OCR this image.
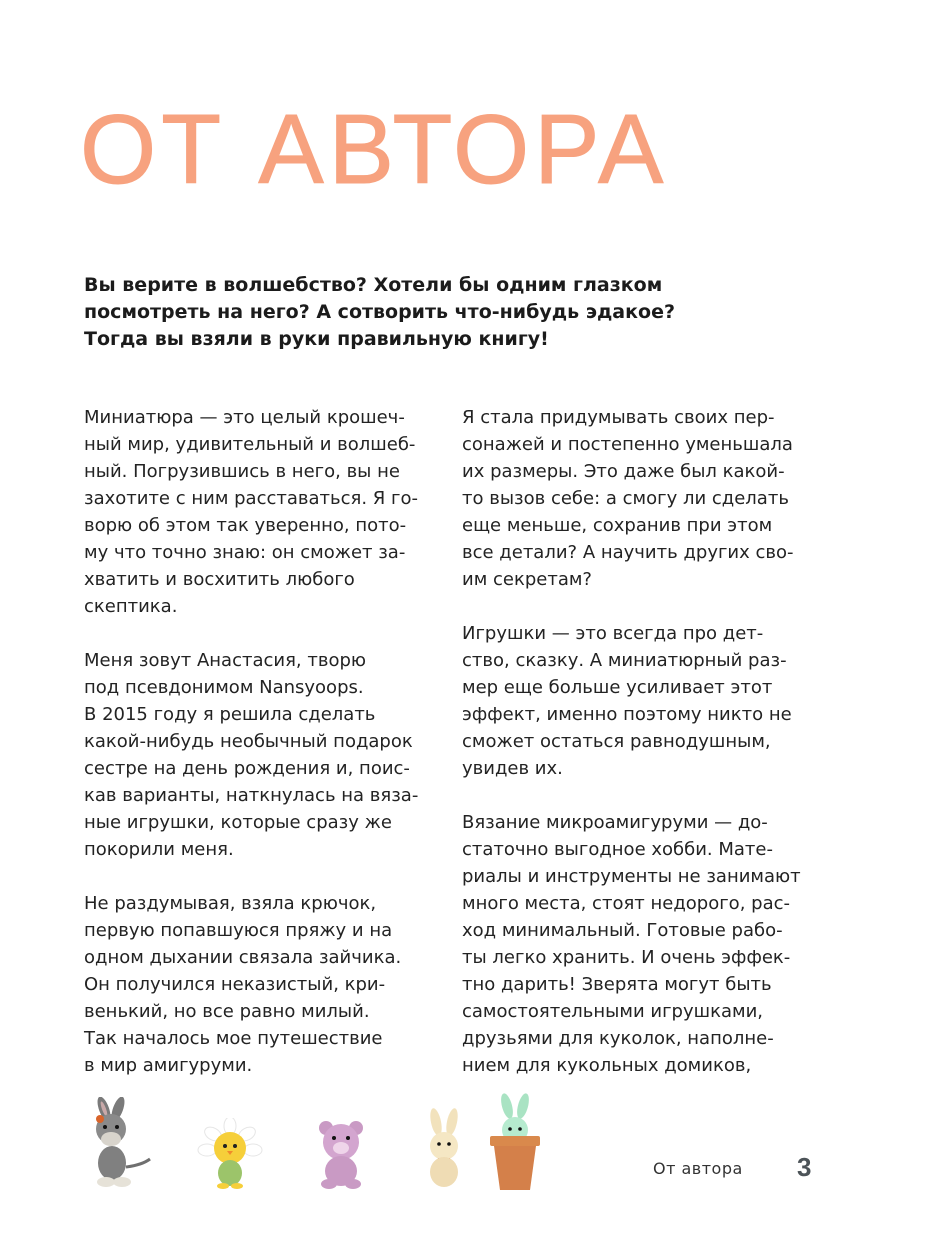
ОТ АВТОРА
Вы верите в волшебство? Хотели бы одним глазком
посмотреть на него? А сотворить что-нибудь эдакое?
Тогда вы взяли в руки правильную книгу!
Миниатюра — это целый крошеч-
ный мир, удивительный и волшеб-
ный. Погрузившись в него, вы не
захотите с ним расставаться. Я го-
ворю об этом так уверенно, пото-
му что точно знаю: он сможет за-
хватить и восхитить любого
скептика.
Меня зовут Анастасия, творю
под псевдонимом Nansyoops.
В 2015 году я решила сделать
какой-нибудь необычный подарок
сестре на день рождения и, поис-
кав варианты, наткнулась на вяза-
ные игрушки, которые сразу же
покорили меня.
Не раздумывая, взяла крючок,
первую попавшуюся пряжу и на
одном дыхании связала зайчика.
Он получился неказистый, кри-
венький, но все равно милый.
Так началось мое путешествие
в мир амигуруми.
Я стала придумывать своих пер-
сонажей и постепенно уменьшала
их размеры. Это даже был какой-
то вызов себе: а смогу ли сделать
еще меньше, сохранив при этом
все детали? А научить других сво-
им секретам?
Игрушки — это всегда про дет-
ство, сказку. А миниатюрный раз-
мер еще больше усиливает этот
эффект, именно поэтому никто не
сможет остаться равнодушным,
увидев их.
Вязание микроамигуруми — до-
статочно выгодное хобби. Мате-
риалы и инструменты не занимают
много места, стоят недорого, рас-
ход минимальный. Готовые рабо-
ты легко хранить. И очень эффек-
тно дарить! Зверята могут быть
самостоятельными игрушками,
друзьями для куколок, наполне-
нием для кукольных домиков,
От автора 3
